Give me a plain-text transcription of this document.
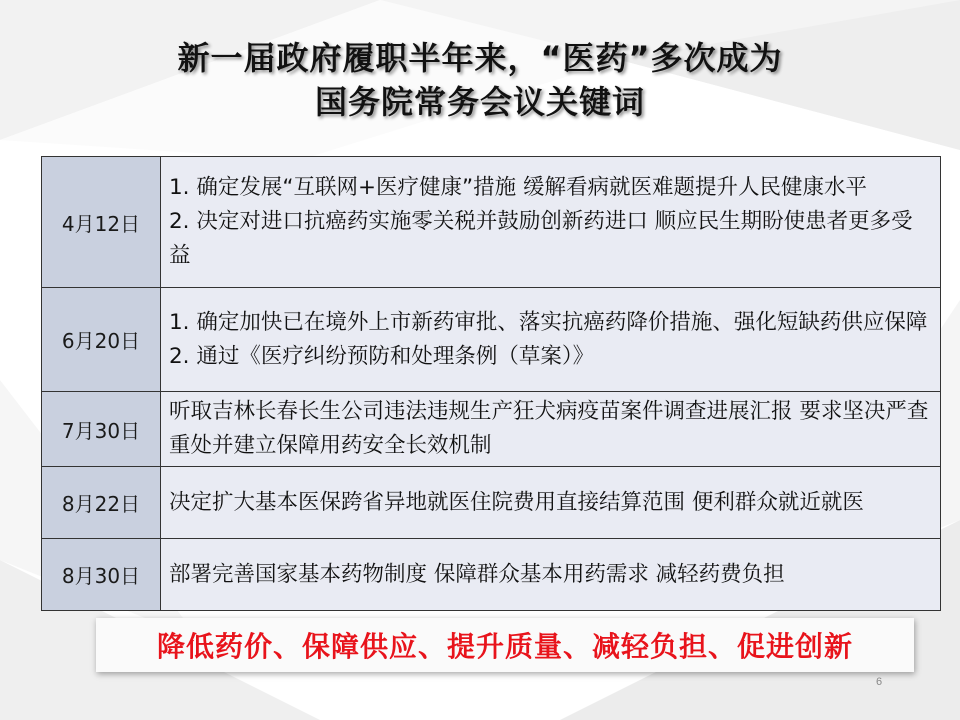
新一届政府履职半年来，“医药”多次成为
国务院常务会议关键词
4月12日	1. 确定发展“互联网+医疗健康”措施 缓解看病就医难题提升人民健康水平
2. 决定对进口抗癌药实施零关税并鼓励创新药进口 顺应民生期盼使患者更多受益

6月20日	1. 确定加快已在境外上市新药审批、落实抗癌药降价措施、强化短缺药供应保障
2. 通过《医疗纠纷预防和处理条例（草案）》

7月30日	听取吉林长春长生公司违法违规生产狂犬病疫苗案件调查进展汇报 要求坚决严查重处并建立保障用药安全长效机制

8月22日	决定扩大基本医保跨省异地就医住院费用直接结算范围 便利群众就近就医

8月30日	部署完善国家基本药物制度 保障群众基本用药需求 减轻药费负担
降低药价、保障供应、提升质量、减轻负担、促进创新
6
